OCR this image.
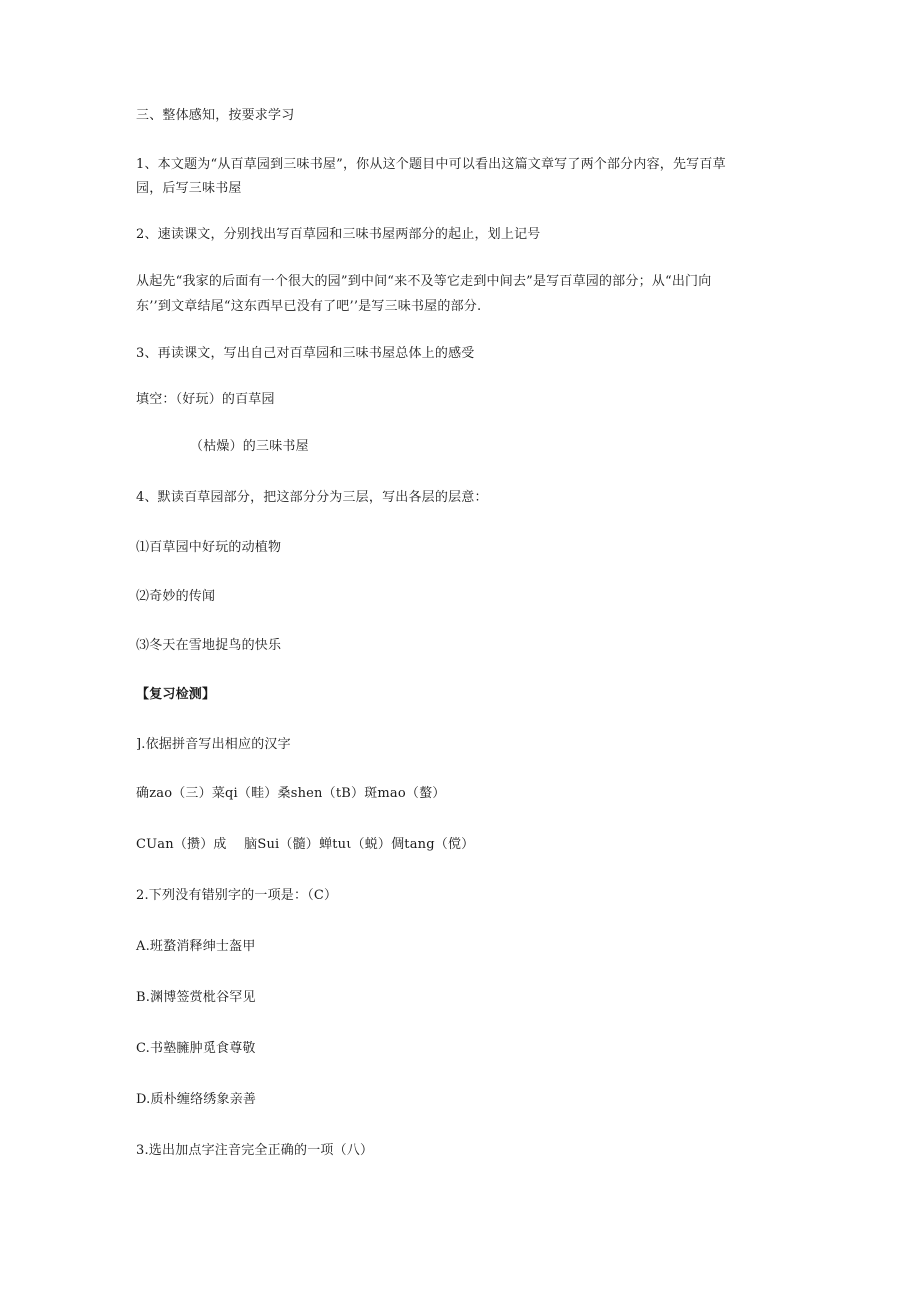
三、整体感知，按要求学习
1、本文题为“从百草园到三味书屋”，你从这个题目中可以看出这篇文章写了两个部分内容，先写百草
园，后写三味书屋
2、速读课文，分别找出写百草园和三味书屋两部分的起止，划上记号
从起先“我家的后面有一个很大的园”到中间“来不及等它走到中间去”是写百草园的部分；从“出门向
东’’到文章结尾“这东西早已没有了吧’’是写三味书屋的部分.
3、再读课文，写出自己对百草园和三味书屋总体上的感受
填空：（好玩）的百草园
（枯燥）的三味书屋
4、默读百草园部分，把这部分分为三层，写出各层的层意：
⑴百草园中好玩的动植物
⑵奇妙的传闻
⑶冬天在雪地捉鸟的快乐
【复习检测】
].依据拼音写出相应的汉字
确zao（三）菜qi（畦）桑shen（tB）斑mao（螯）
CUan（攒）成　 脑Sui（髓）蝉tuι（蜕）倜tang（傥）
2.下列没有错别字的一项是：（C）
A.班蝥消释绅士盔甲
B.渊博签赏枇谷罕见
C.书塾臃肿觅食尊敬
D.质朴缠络绣象亲善
3.选出加点字注音完全正确的一项（八）
